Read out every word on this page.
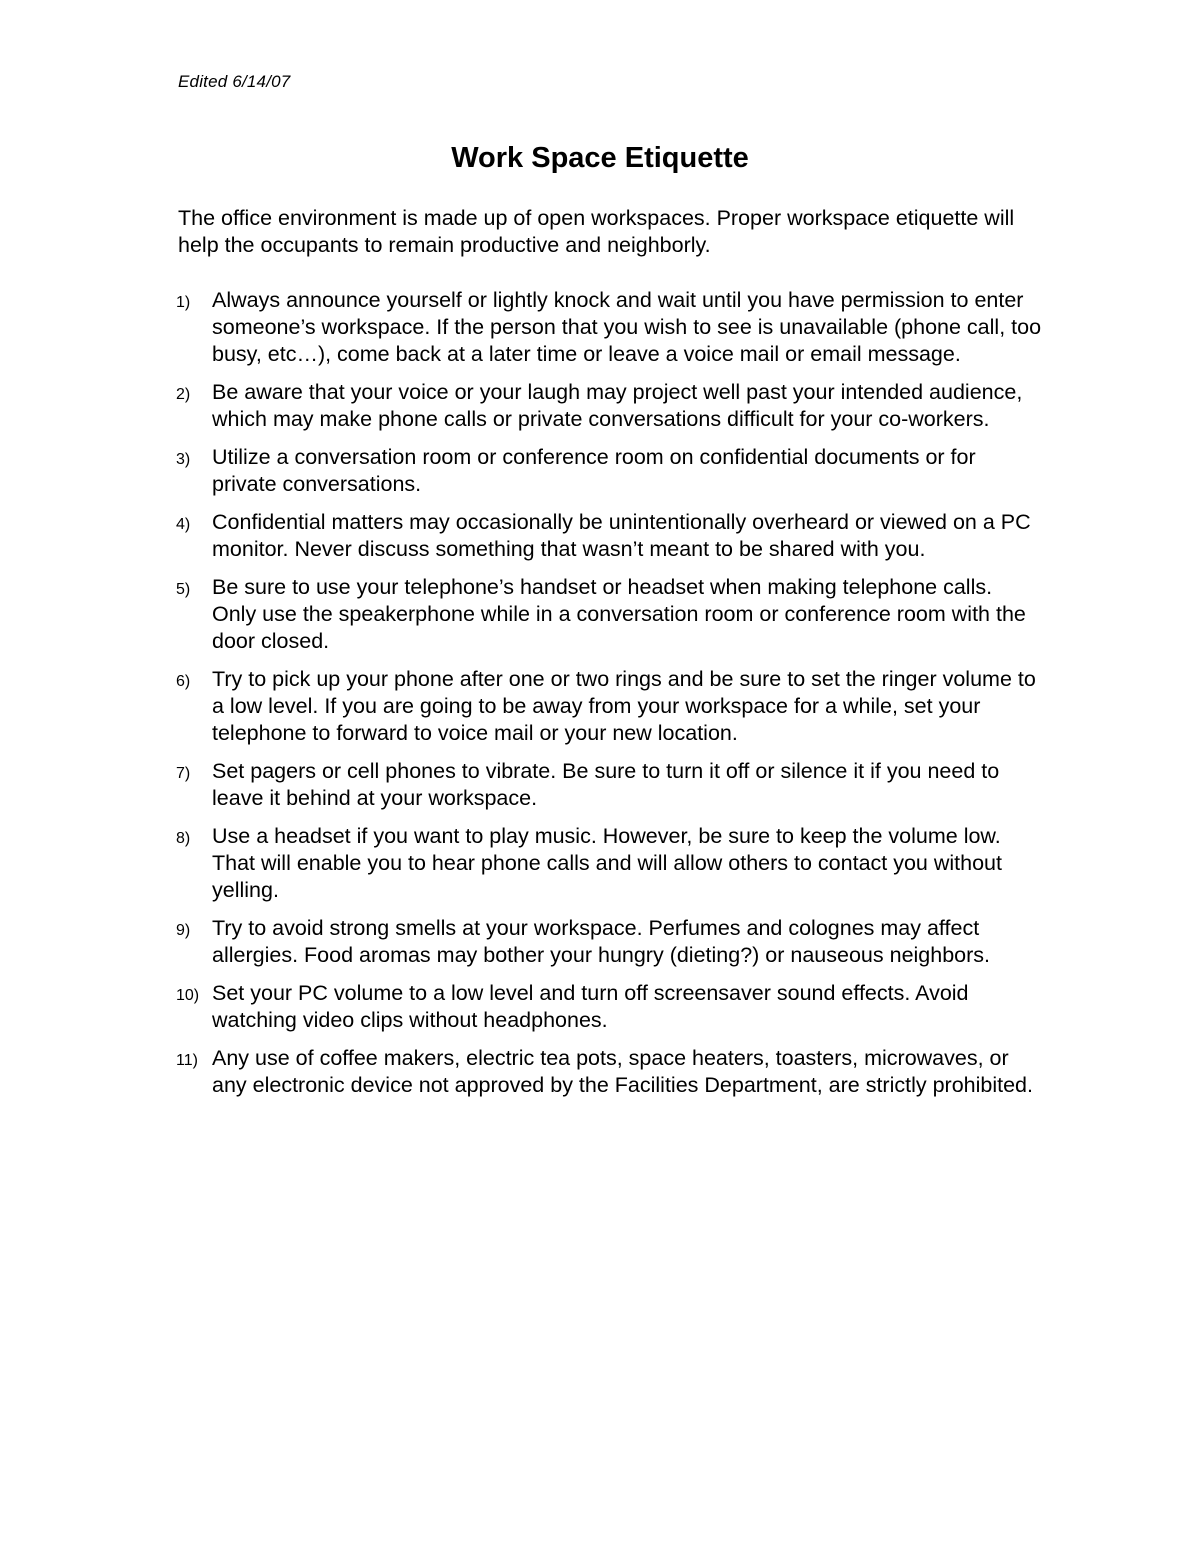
Edited 6/14/07
Work Space Etiquette

The office environment is made up of open workspaces. Proper workspace etiquette will help the occupants to remain productive and neighborly.

1) Always announce yourself or lightly knock and wait until you have permission to enter someone’s workspace. If the person that you wish to see is unavailable (phone call, too busy, etc…), come back at a later time or leave a voice mail or email message.
2) Be aware that your voice or your laugh may project well past your intended audience, which may make phone calls or private conversations difficult for your co-workers.
3) Utilize a conversation room or conference room on confidential documents or for private conversations.
4) Confidential matters may occasionally be unintentionally overheard or viewed on a PC monitor. Never discuss something that wasn’t meant to be shared with you.
5) Be sure to use your telephone’s handset or headset when making telephone calls. Only use the speakerphone while in a conversation room or conference room with the door closed.
6) Try to pick up your phone after one or two rings and be sure to set the ringer volume to a low level. If you are going to be away from your workspace for a while, set your telephone to forward to voice mail or your new location.
7) Set pagers or cell phones to vibrate. Be sure to turn it off or silence it if you need to leave it behind at your workspace.
8) Use a headset if you want to play music. However, be sure to keep the volume low. That will enable you to hear phone calls and will allow others to contact you without yelling.
9) Try to avoid strong smells at your workspace. Perfumes and colognes may affect allergies. Food aromas may bother your hungry (dieting?) or nauseous neighbors.
10) Set your PC volume to a low level and turn off screensaver sound effects. Avoid watching video clips without headphones.
11) Any use of coffee makers, electric tea pots, space heaters, toasters, microwaves, or any electronic device not approved by the Facilities Department, are strictly prohibited.
